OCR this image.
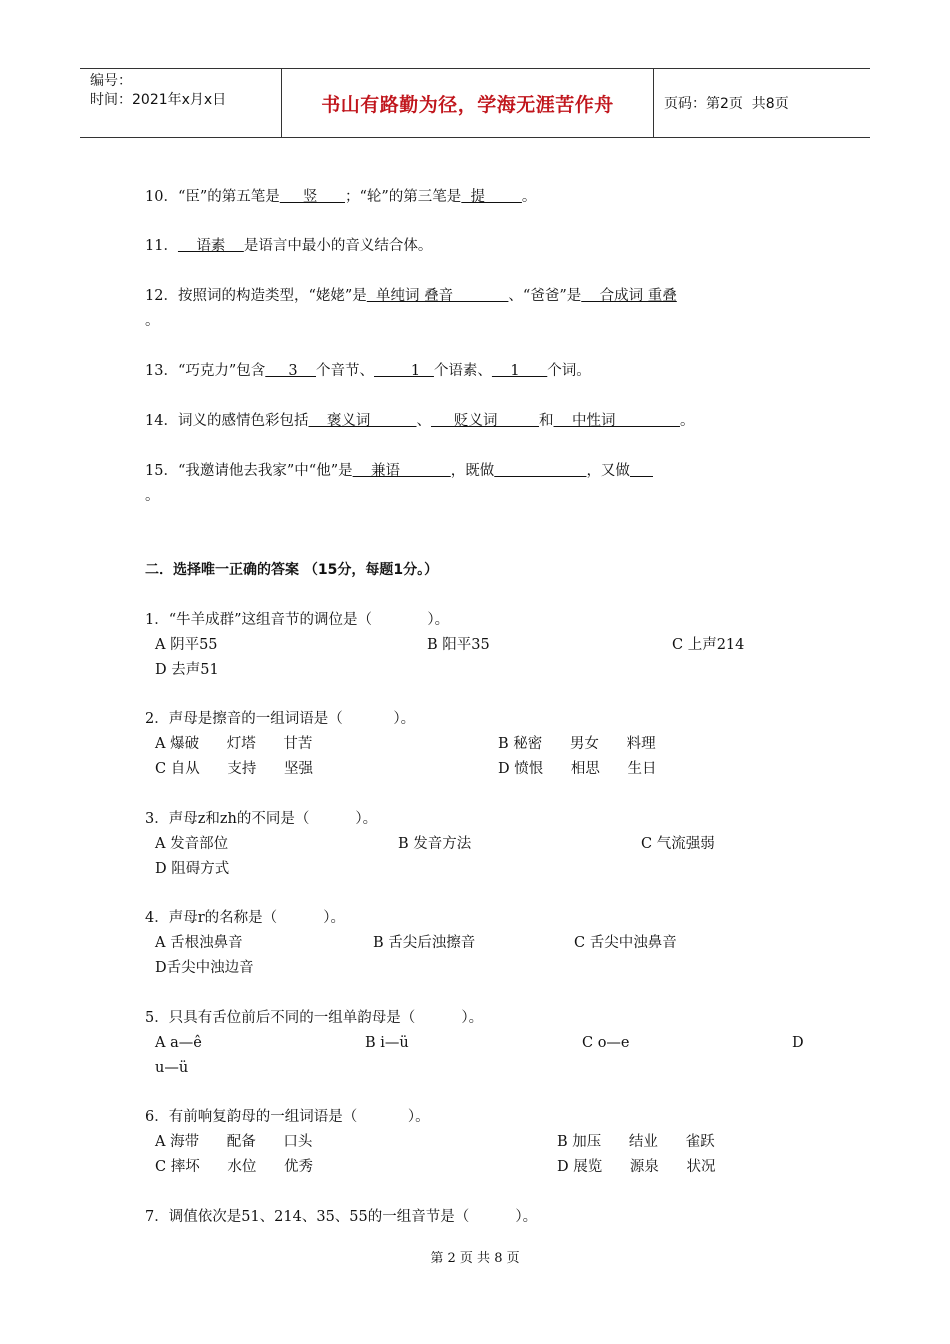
编号：
时间：2021年x月x日	书山有路勤为径，学海无涯苦作舟	页码：第2页  共8页
10．“臣”的第五笔是     竖      ；“轮”的第三笔是  提        。
11．    语素    是语言中最小的音义结合体。
12．按照词的构造类型，“姥姥”是  单纯词 叠音            、“爸爸”是    合成词 重叠
。
13．“巧克力”包含     3    个音节、        1   个语素、    1      个词。
14．词义的感情色彩包括    褒义词          、     贬义词         和    中性词              。
15．“我邀请他去我家”中“他”是    兼语           ，既做	，又做
。
二．选择唯一正确的答案 （15分，每题1分。）
1．“牛羊成群”这组音节的调位是（            ）。
A 阴平55	B 阳平35	C 上声214
D 去声51
2．声母是擦音的一组词语是（           ）。
A 爆破      灯塔      甘苦	B 秘密      男女      料理
C 自从      支持      坚强	D 愤恨      相思      生日
3．声母z和zh的不同是（          ）。
A 发音部位	B 发音方法	C 气流强弱
D 阻碍方式
4．声母r的名称是（          ）。
A 舌根浊鼻音	B 舌尖后浊擦音	C 舌尖中浊鼻音
D舌尖中浊边音
5．只具有舌位前后不同的一组单韵母是（          ）。
A a—ê	B i—ü	C o—e	D
u—ü
6．有前响复韵母的一组词语是（           ）。
A 海带      配备      口头	B 加压      结业      雀跃
C 摔坏      水位      优秀	D 展览      源泉      状况
7．调值依次是51、214、35、55的一组音节是（          ）。
第 2 页 共 8 页
